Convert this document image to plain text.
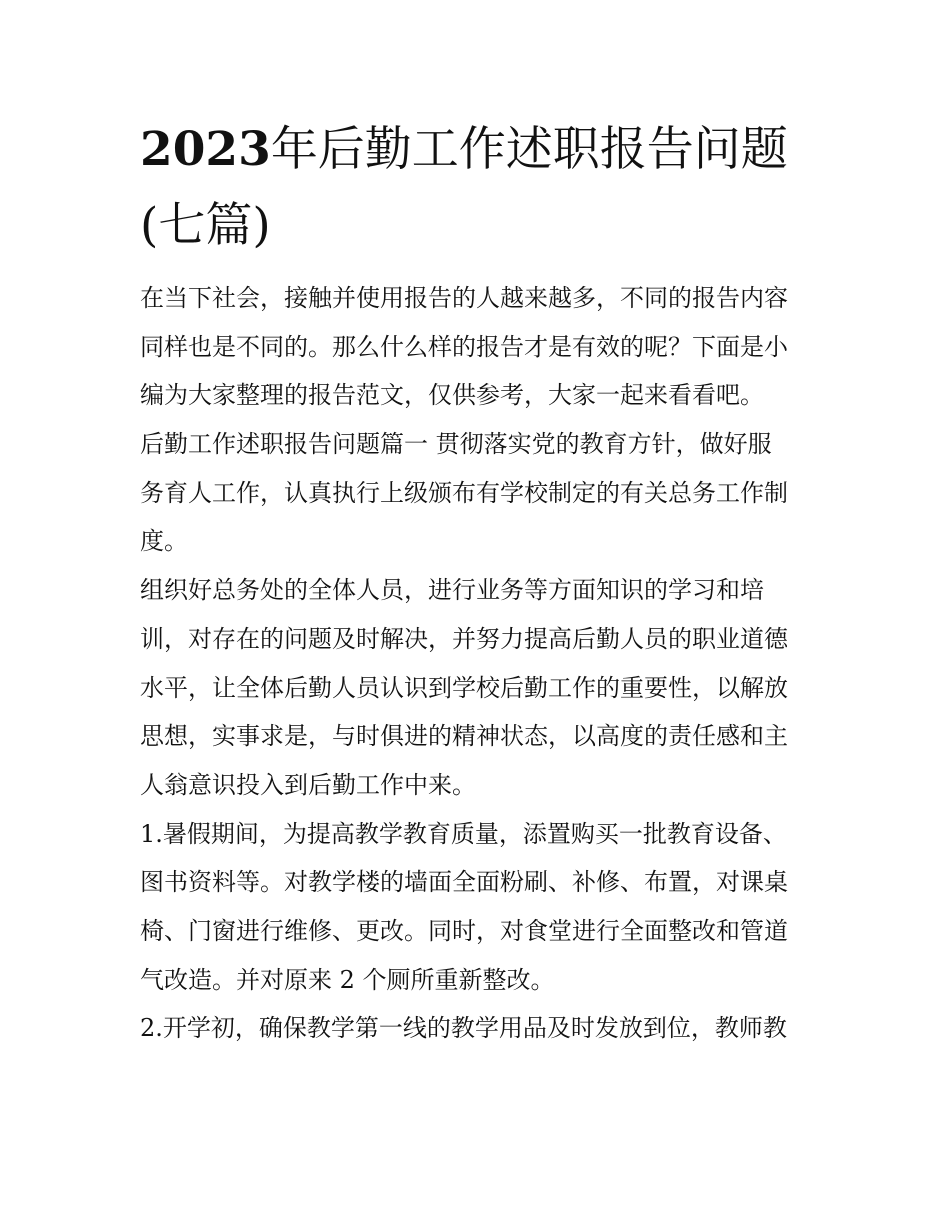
2023年后勤工作述职报告问题
(七篇)
在当下社会，接触并使用报告的人越来越多，不同的报告内容
同样也是不同的。那么什么样的报告才是有效的呢？下面是小
编为大家整理的报告范文，仅供参考，大家一起来看看吧。
后勤工作述职报告问题篇一 贯彻落实党的教育方针，做好服
务育人工作，认真执行上级颁布有学校制定的有关总务工作制
度。
组织好总务处的全体人员，进行业务等方面知识的学习和培
训，对存在的问题及时解决，并努力提高后勤人员的职业道德
水平，让全体后勤人员认识到学校后勤工作的重要性，以解放
思想，实事求是，与时俱进的精神状态，以高度的责任感和主
人翁意识投入到后勤工作中来。
1.暑假期间，为提高教学教育质量，添置购买一批教育设备、
图书资料等。对教学楼的墙面全面粉刷、补修、布置，对课桌
椅、门窗进行维修、更改。同时，对食堂进行全面整改和管道
气改造。并对原来 2 个厕所重新整改。
2.开学初，确保教学第一线的教学用品及时发放到位，教师教
